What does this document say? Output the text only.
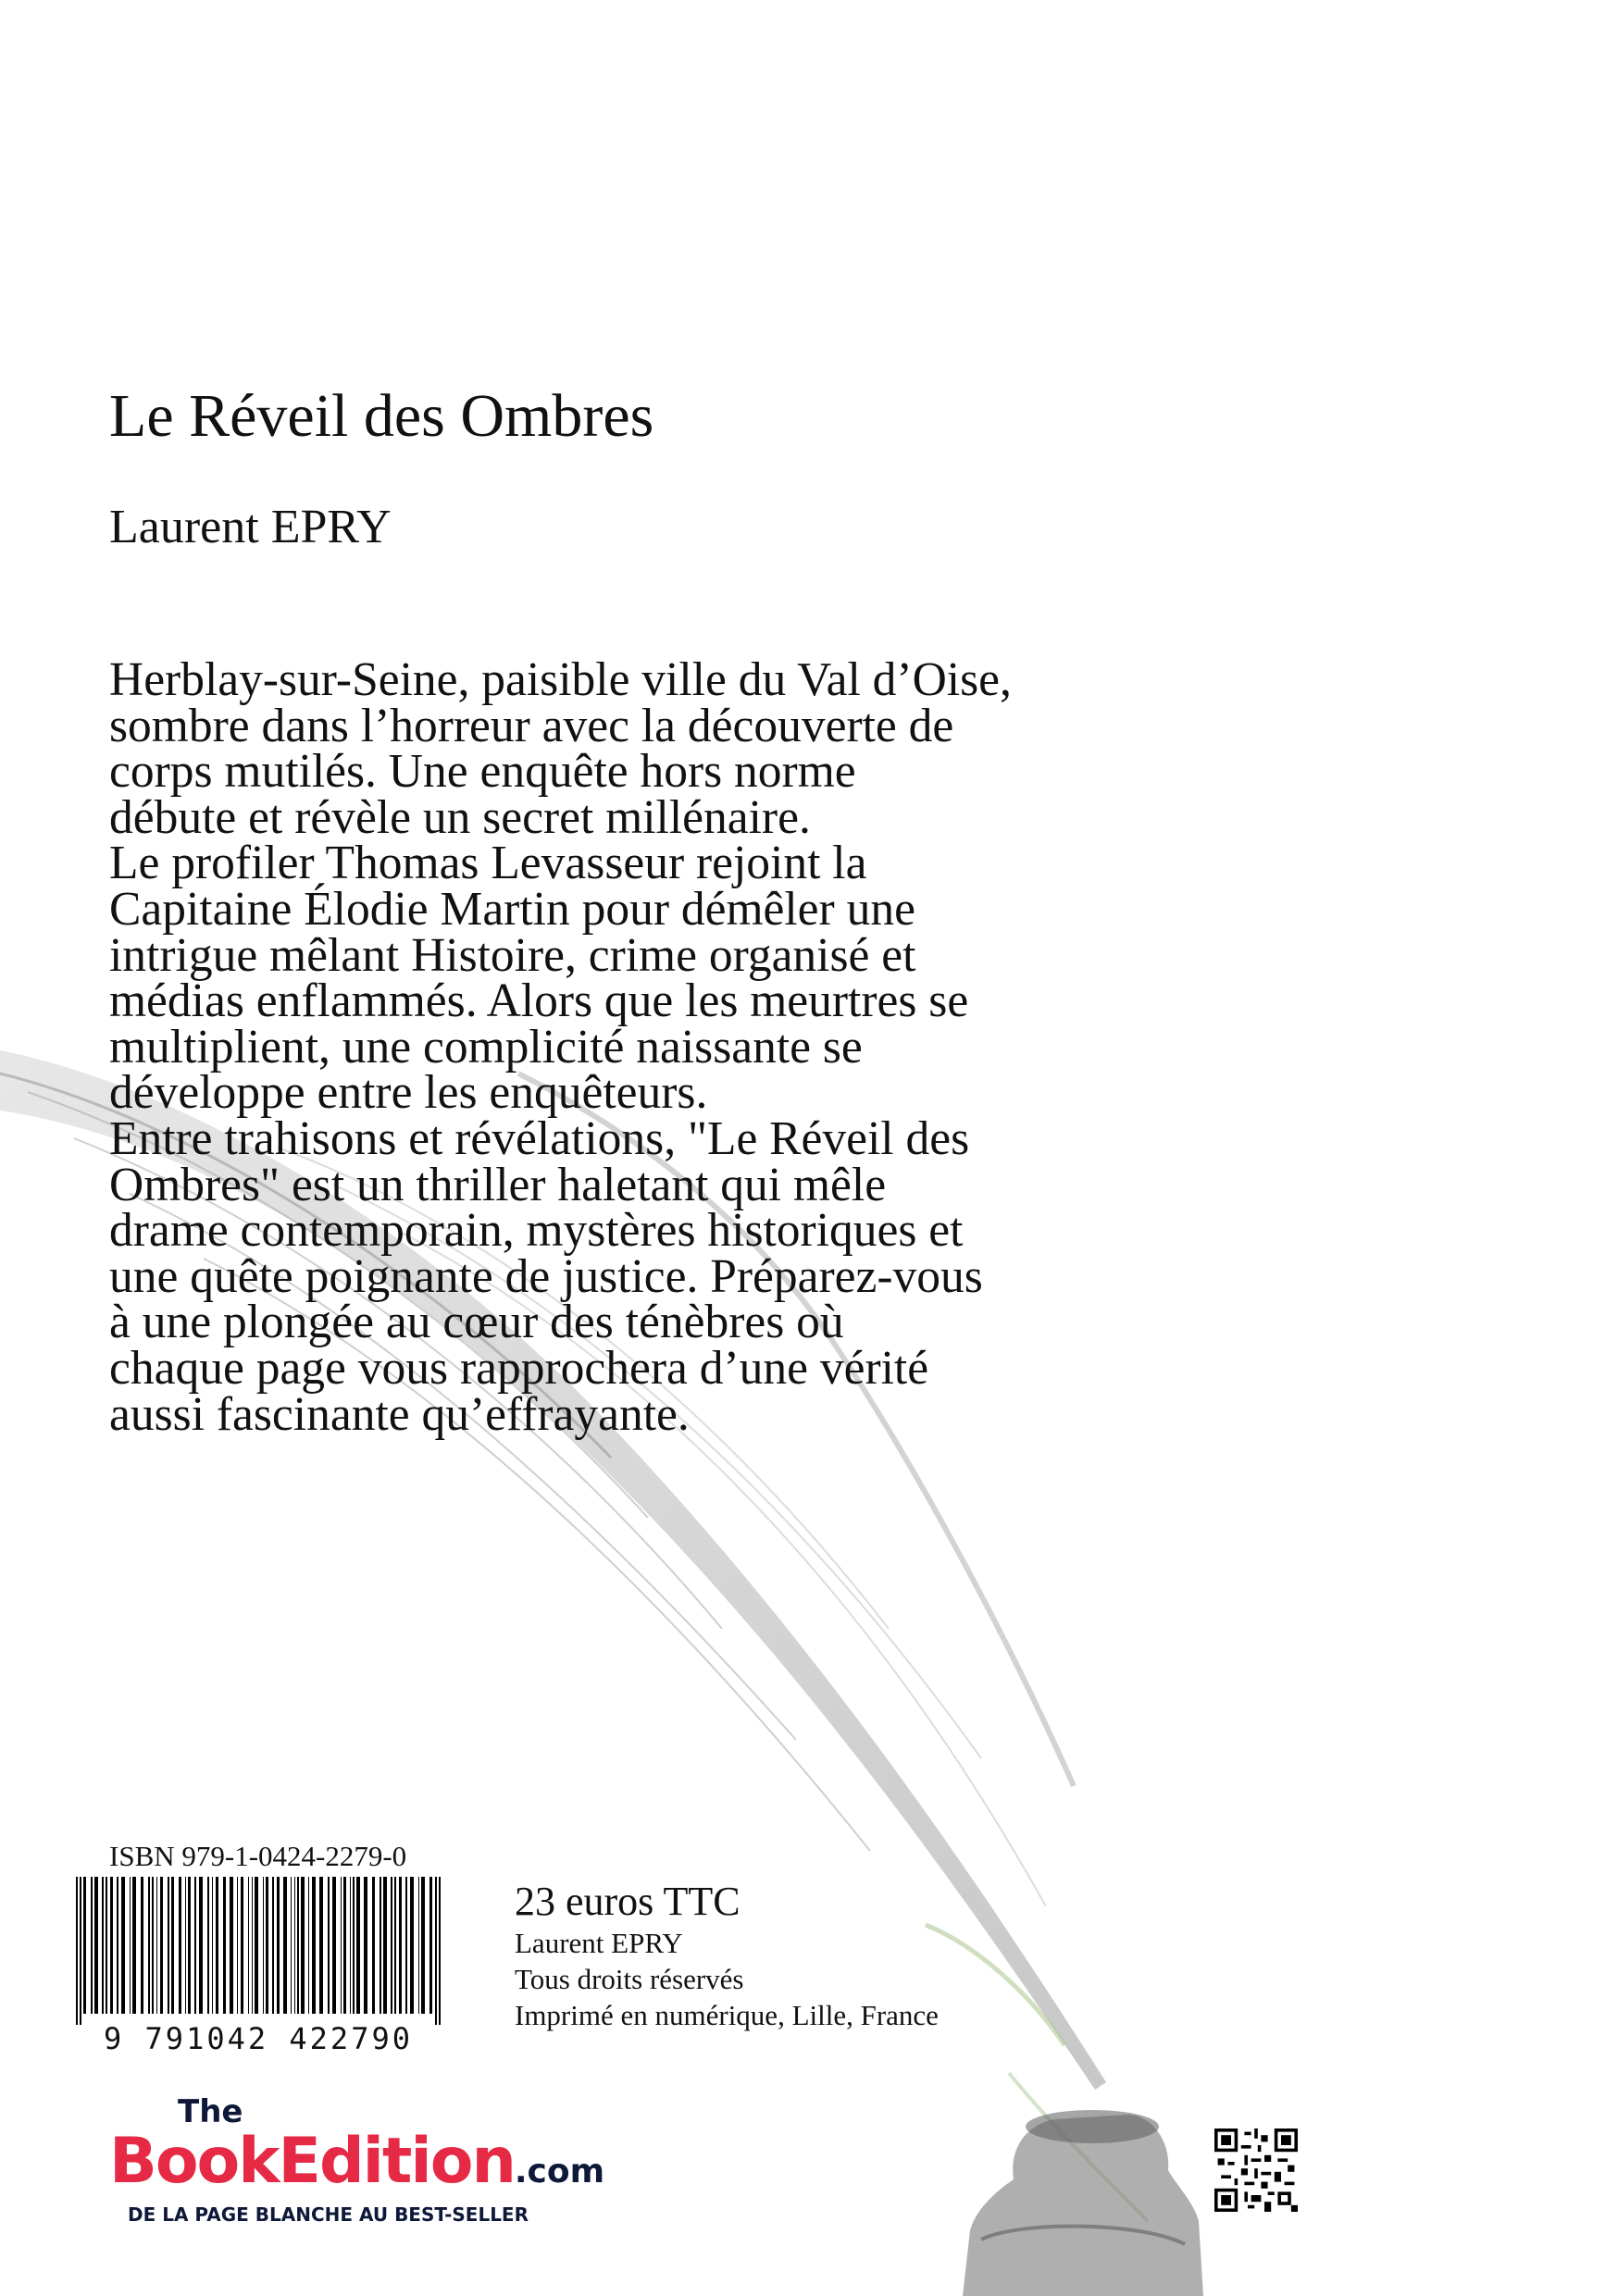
Le Réveil des Ombres
Laurent EPRY

Herblay-sur-Seine, paisible ville du Val d’Oise,

sombre dans l’horreur avec la découverte de

corps mutilés. Une enquête hors norme

débute et révèle un secret millénaire.

Le profiler Thomas Levasseur rejoint la

Capitaine Élodie Martin pour démêler une

intrigue mêlant Histoire, crime organisé et

médias enflammés. Alors que les meurtres se

multiplient, une complicité naissante se

développe entre les enquêteurs.

Entre trahisons et révélations, "Le Réveil des

Ombres" est un thriller haletant qui mêle

drame contemporain, mystères historiques et

une quête poignante de justice. Préparez-vous

à une plongée au cœur des ténèbres où

chaque page vous rapprochera d’une vérité

aussi fascinante qu’effrayante.

ISBN 979-1-0424-2279-0
9 791042 422790
23 euros TTC
Laurent EPRY
Tous droits réservés
Imprimé en numérique, Lille, France
The
BookEdition.com
DE LA PAGE BLANCHE AU BEST-SELLER
